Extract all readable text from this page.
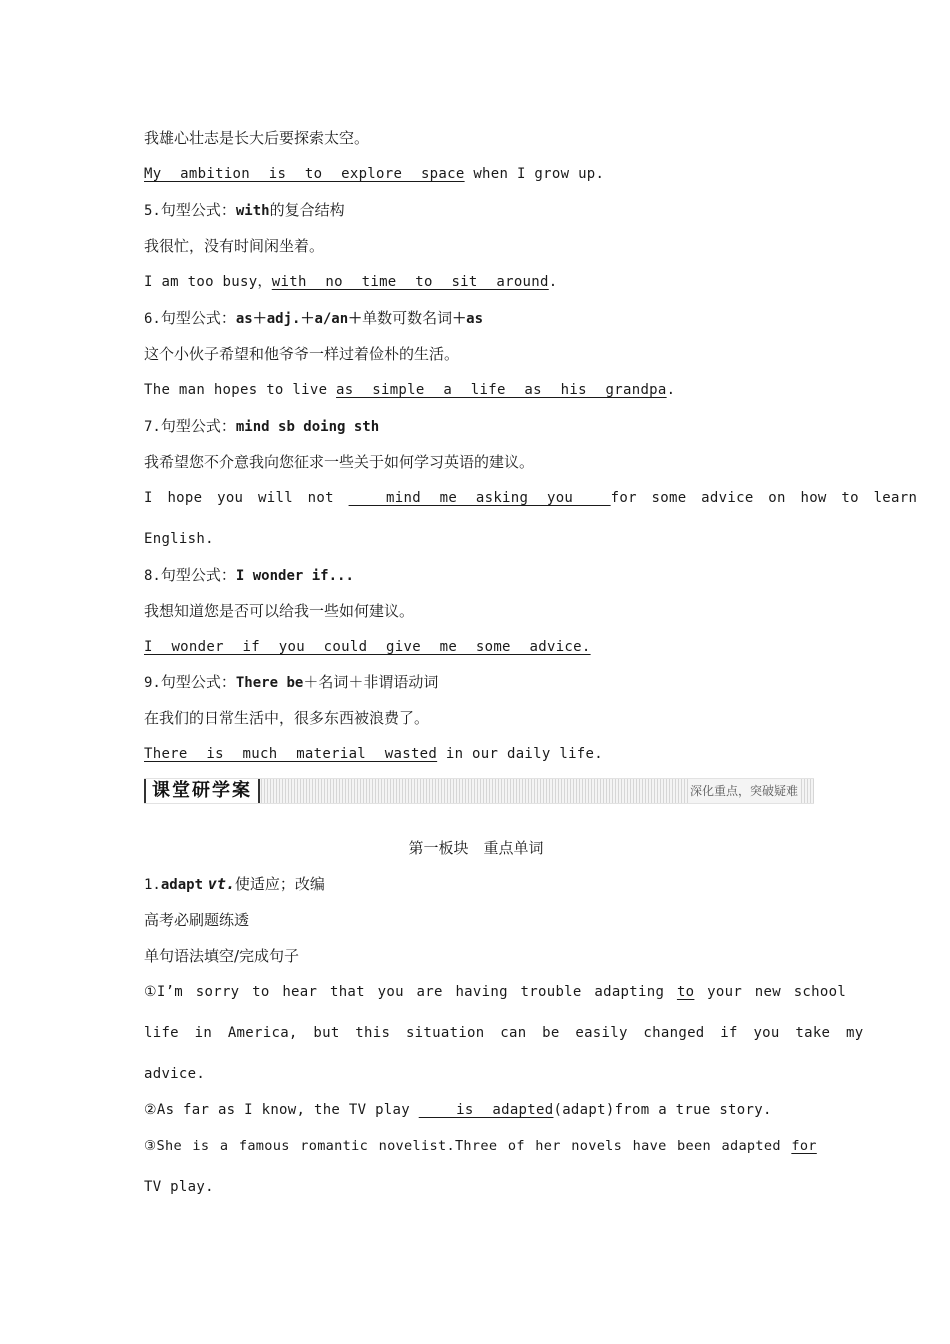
我雄心壮志是长大后要探索太空。
My ambition is to explore space when I grow up.
5.句型公式：with的复合结构
我很忙，没有时间闲坐着。
I am too busy，with no time to sit around.
6.句型公式：as＋adj.＋a/an＋单数可数名词＋as
这个小伙子希望和他爷爷一样过着俭朴的生活。
The man hopes to live as simple a life as his grandpa.
7.句型公式：mind sb doing sth
我希望您不介意我向您征求一些关于如何学习英语的建议。
I hope you will not   mind me asking you  for some advice on how to learn
English.
8.句型公式：I wonder if...
我想知道您是否可以给我一些如何建议。
I wonder if you could give me some advice.
9.句型公式：There be＋名词＋非谓语动词
在我们的日常生活中，很多东西被浪费了。
There is much material wasted in our daily life.
课堂研学案	深化重点，突破疑难
第一板块　重点单词
1.adapt vt.使适应；改编
高考必刷题练透
单句语法填空/完成句子
①I’m sorry to hear that you are having trouble adapting to your new school
life in America, but this situation can be easily changed if you take my
advice.
②As far as I know, the TV play   is adapted(adapt)from a true story.
③She is a famous romantic novelist.Three of her novels have been adapted for
TV play.
